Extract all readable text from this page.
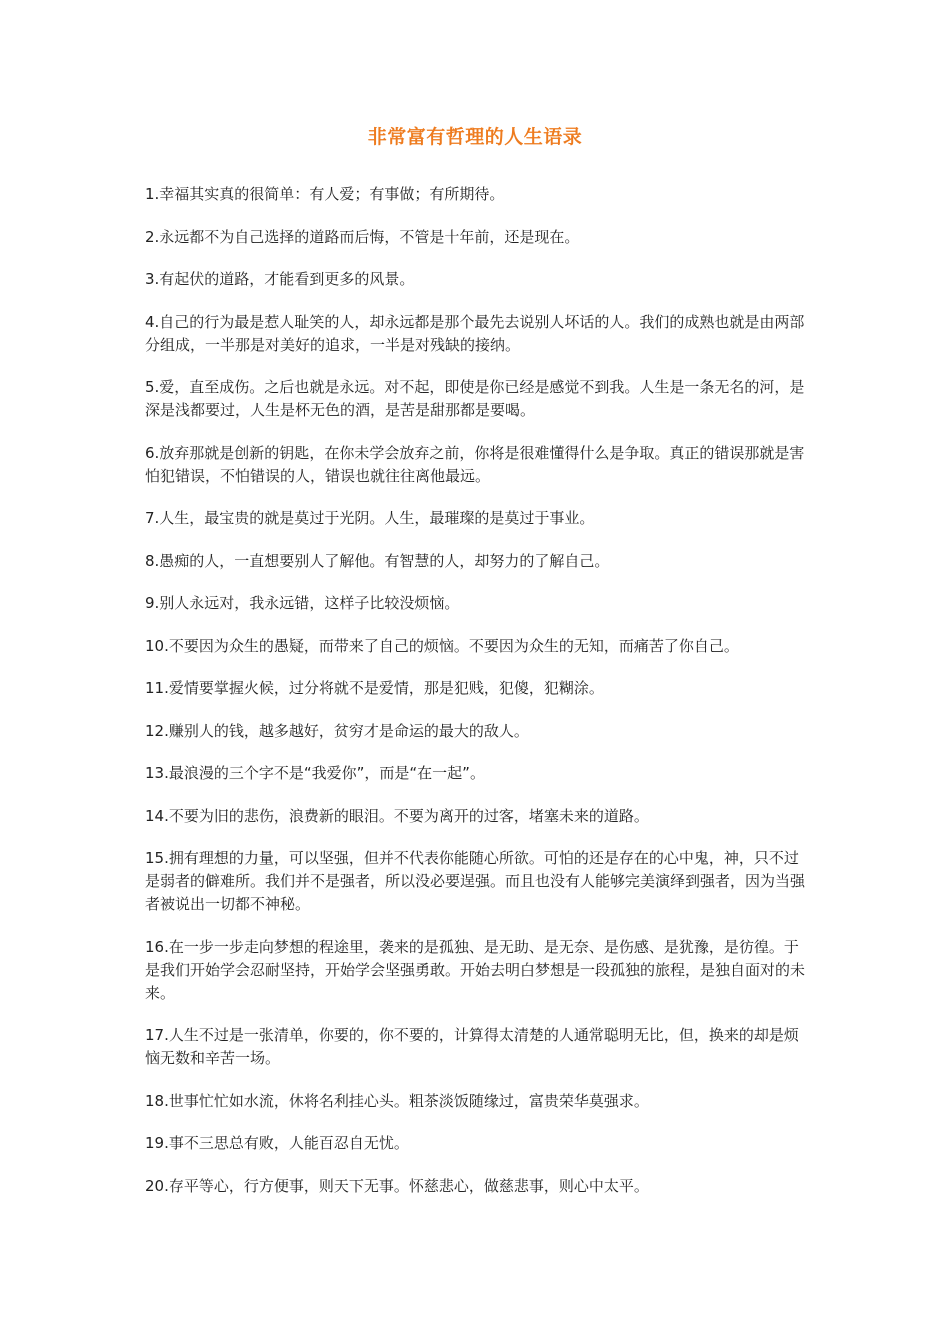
非常富有哲理的人生语录
1.幸福其实真的很简单：有人爱；有事做；有所期待。
2.永远都不为自己选择的道路而后悔，不管是十年前，还是现在。
3.有起伏的道路，才能看到更多的风景。
4.自己的行为最是惹人耻笑的人，却永远都是那个最先去说别人坏话的人。我们的成熟也就是由两部分组成，一半那是对美好的追求，一半是对残缺的接纳。
5.爱，直至成伤。之后也就是永远。对不起，即使是你已经是感觉不到我。人生是一条无名的河，是深是浅都要过，人生是杯无色的酒，是苦是甜那都是要喝。
6.放弃那就是创新的钥匙，在你未学会放弃之前，你将是很难懂得什么是争取。真正的错误那就是害怕犯错误，不怕错误的人，错误也就往往离他最远。
7.人生，最宝贵的就是莫过于光阴。人生，最璀璨的是莫过于事业。
8.愚痴的人，一直想要别人了解他。有智慧的人，却努力的了解自己。
9.别人永远对，我永远错，这样子比较没烦恼。
10.不要因为众生的愚疑，而带来了自己的烦恼。不要因为众生的无知，而痛苦了你自己。
11.爱情要掌握火候，过分将就不是爱情，那是犯贱，犯傻，犯糊涂。
12.赚别人的钱，越多越好，贫穷才是命运的最大的敌人。
13.最浪漫的三个字不是“我爱你”，而是“在一起”。
14.不要为旧的悲伤，浪费新的眼泪。不要为离开的过客，堵塞未来的道路。
15.拥有理想的力量，可以坚强，但并不代表你能随心所欲。可怕的还是存在的心中鬼，神，只不过是弱者的僻难所。我们并不是强者，所以没必要逞强。而且也没有人能够完美演绎到强者，因为当强者被说出一切都不神秘。
16.在一步一步走向梦想的程途里，袭来的是孤独、是无助、是无奈、是伤感、是犹豫，是彷徨。于是我们开始学会忍耐坚持，开始学会坚强勇敢。开始去明白梦想是一段孤独的旅程，是独自面对的未来。
17.人生不过是一张清单，你要的，你不要的，计算得太清楚的人通常聪明无比，但，换来的却是烦恼无数和辛苦一场。
18.世事忙忙如水流，休将名利挂心头。粗茶淡饭随缘过，富贵荣华莫强求。
19.事不三思总有败，人能百忍自无忧。
20.存平等心，行方便事，则天下无事。怀慈悲心，做慈悲事，则心中太平。
